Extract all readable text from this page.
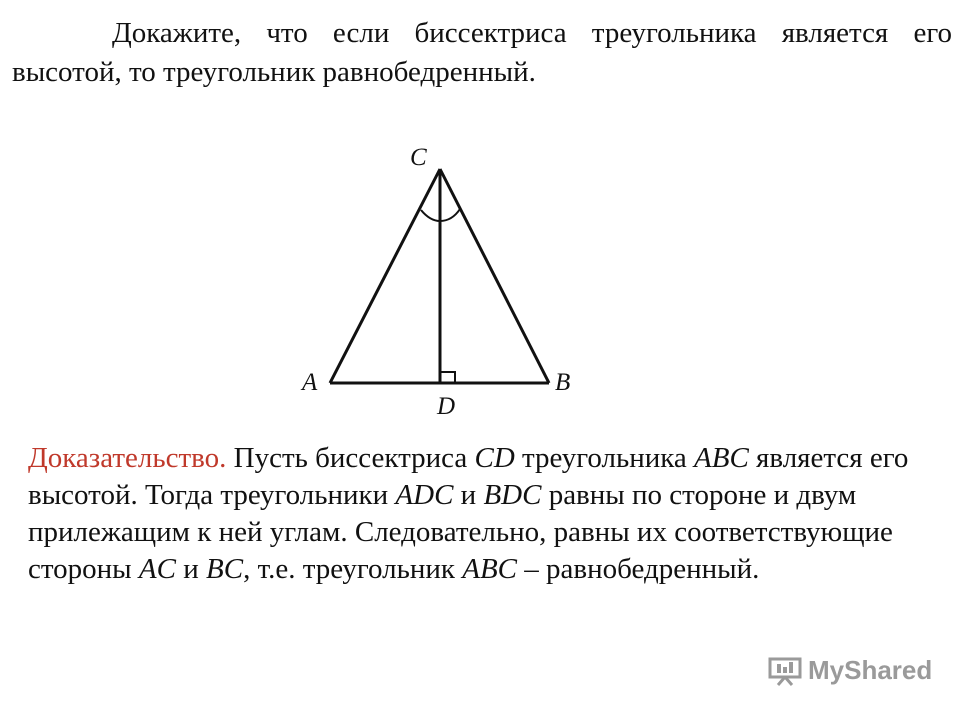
Докажите, что если биссектриса треугольника является его высотой, то треугольник равнобедренный.

C
A	B
D

Доказательство. Пусть биссектриса CD треугольника ABC является его высотой. Тогда треугольники ADC и BDC равны по стороне и двум прилежащим к ней углам. Следовательно, равны их соответствующие стороны AC и BC, т.е. треугольник ABC – равнобедренный.

MyShared
